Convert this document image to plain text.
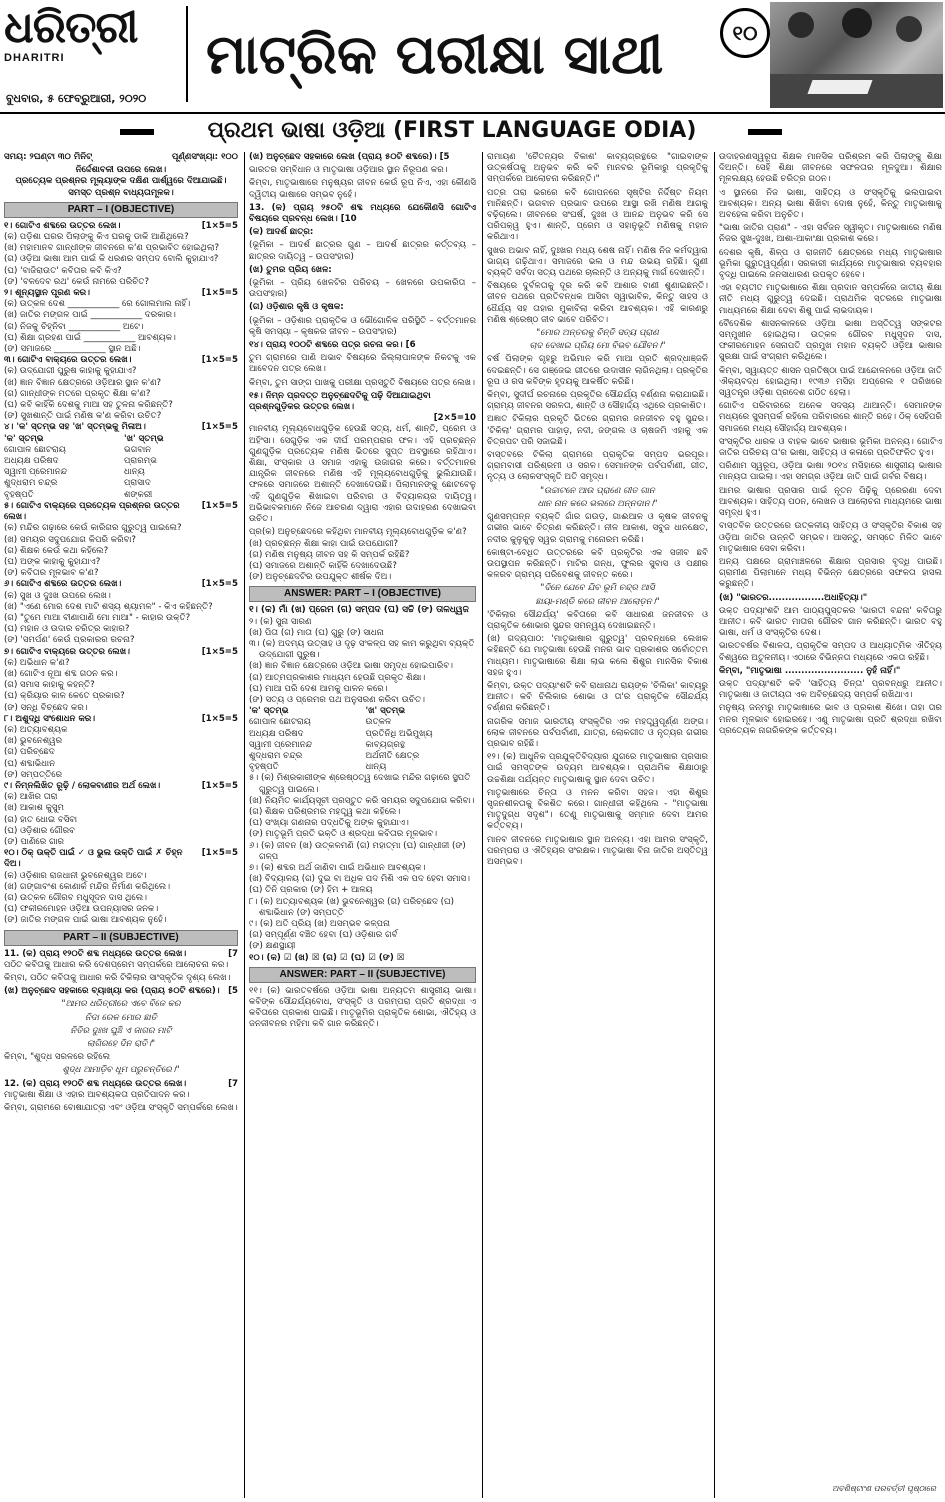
ଧରିତ୍ରୀ
DHARITRI
ବୁଧବାର, ୫ ଫେବ୍ରୁଆରୀ, ୨୦୨୦
ମାଟ୍ରିକ ପରୀକ୍ଷା ସାଥୀ	୧୦
ପ୍ରଥମ ଭାଷା ଓଡ଼ିଆ (FIRST LANGUAGE ODIA)
ସମୟ: ୨ଘଣ୍ଟା ୩୦ ମିନିଟ୍	ପୂର୍ଣ୍ଣସଂଖ୍ୟା: ୧୦୦
ନିର୍ଦ୍ଦେଶାବଳୀ ଉପରେ ଲେଖ।
ପ୍ରତ୍ୟେକ ପ୍ରଶ୍ନର ମୂଲ୍ୟାଙ୍କ ଦକ୍ଷିଣ ପାର୍ଶ୍ୱରେ ଦିଆଯାଇଛି।
ସମସ୍ତ ପ୍ରଶ୍ନ ବାଧ୍ୟତାମୂଳକ।
PART – I (OBJECTIVE)
୧। ଗୋଟିଏ ଶବ୍ଦରେ ଉତ୍ତର ଲେଖ।	[1×5=5

(କ) ପଡ଼ିଶା ଘରର ପିଲାଙ୍କୁ କିଏ ଘରକୁ ଡାକି ଆଣିଥିଲେ?

(ଖ) ମହାମାନବ ଗାନ୍ଧୀଙ୍କ ଜୀବନରେ କ'ଣ ପ୍ରଭାବିତ ହୋଇଥିଲା?

(ଗ) ଓଡ଼ିଆ ଭାଷା ଆମ ପାଇଁ କି ଧରଣର ସମ୍ପଦ ବୋଲି କୁହାଯାଏ?

(ଘ) 'ବାଜିରାଉତ' କବିତାର କବି କିଏ?

(ଙ) 'ବଳଦେବ ରଥ' କେଉଁ ନାମରେ ପରିଚିତ?

୨। ଶୂନ୍ୟସ୍ଥାନ ପୂରଣ କର।	[1×5=5

(କ) ଉତ୍କଳ ଦେଶ ____________ ରେ ଗୋଲମାଲ ନାହିଁ।

(ଖ) ଜାତିର ମଙ୍ଗଳ ପାଇଁ ____________ ଦରକାର।

(ଗ) ନିଜକୁ ଚିହ୍ନିବା ____________ ଅଟେ।

(ଘ) ଶିକ୍ଷା ଗ୍ରହଣ ପାଇଁ ____________ ଆବଶ୍ୟକ।

(ଙ) ସମାଜରେ ____________ ସ୍ଥାନ ଅଛି।

୩। ଗୋଟିଏ ବାକ୍ୟରେ ଉତ୍ତର ଲେଖ।	[1×5=5

(କ) ଉଦ୍‌ଯୋଗୀ ପୁରୁଷ କାହାକୁ କୁହାଯାଏ?

(ଖ) ଜ୍ଞାନ ବିଜ୍ଞାନ କ୍ଷେତ୍ରରେ ଓଡ଼ିଆର ସ୍ଥାନ କ'ଣ?

(ଗ) ଗାନ୍ଧୀଙ୍କ ମତରେ ପ୍ରକୃତ ଶିକ୍ଷା କ'ଣ?

(ଘ) କବି କାହିଁକି ଦେଶକୁ ମାଆ ସହ ତୁଳନା କରିଛନ୍ତି?

(ଙ) ସୁଖଶାନ୍ତି ପାଇଁ ମଣିଷ କ'ଣ କରିବା ଉଚିତ?

୪। 'କ' ସ୍ତମ୍ଭ ସହ 'ଖ' ସ୍ତମ୍ଭକୁ ମିଳାଅ।	[1×5=5
'କ' ସ୍ତମ୍ଭ	'ଖ' ସ୍ତମ୍ଭ
ଗୋପାଳ ଛୋଟରାୟ	ଭଗବାନ
ଅଧ୍ୟକ୍ଷ ପରିଷଦ	ପ୍ରାରମ୍ଭ
ସ୍ୱାମୀ ପ୍ରେମାନନ୍ଦ	ଧାନ୍ୟ
ଶୁଦ୍ଧରାମ ଚନ୍ଦ୍ର	ପ୍ରାସାଦ
ବୃହଷ୍ପତି	ଶଙ୍କରୀ
୫। ଗୋଟିଏ ବାକ୍ୟରେ ପ୍ରତ୍ୟେକ ପ୍ରଶ୍ନର ଉତ୍ତର ଲେଖ।
[1×5=5

(କ) ମନ୍ଦିର ଗଢ଼ାରେ କେଉଁ କାରିଗର ଗୁରୁତ୍ୱ ପାଇଲେ?

(ଖ) ସମୟର ସଦୁପଯୋଗ କିପରି କରିବା?

(ଗ) ଶିକ୍ଷକ କେଉଁ କଥା କହିଲେ?

(ଘ) ଅଙ୍କ କାହାକୁ କୁହାଯାଏ?

(ଙ) କବିତାର ମୂଳଭାବ କ'ଣ?

୬। ଗୋଟିଏ ଶବ୍ଦରେ ଉତ୍ତର ଲେଖ।	[1×5=5

(କ) ସୁଖ ଓ ଦୁଃଖ ଉପରେ ଲେଖ।

(ଖ) "ଏଣେ ମୋର ଦେଶ ମାଟି ଶସ୍ୟ ଶ୍ୟାମଳ" - କିଏ କହିଛନ୍ତି?

(ଗ) "ତୁମେ ମାଆ ବୀଣାପାଣି ମୋ ମାଆ" - କାହାର ଉକ୍ତି?

(ଘ) ମହାନ ଓ ଉଦାର ଚରିତ୍ର କାହାର?

(ଙ) 'ସମର୍ପଣ' କେଉଁ ପ୍ରକାରର ରଚନା?

୭। ଗୋଟିଏ ବାକ୍ୟରେ ଉତ୍ତର ଲେଖ।	[1×5=5

(କ) ଅଭିଧାନ କ'ଣ?

(ଖ) ଗୋଟିଏ ନୂଆ ଶବ୍ଦ ଗଠନ କର।

(ଗ) ସମାସ କାହାକୁ କହନ୍ତି?

(ଘ) କ୍ରିୟାର କାଳ କେତେ ପ୍ରକାର?

(ଙ) ସନ୍ଧି ବିଚ୍ଛେଦ କର।

୮। ଅଶୁଦ୍ଧି ସଂଶୋଧନ କର।	[1×5=5

(କ) ଅତ୍ୟାବଶ୍ୟକ

(ଖ) ଭୁବନେଶ୍ୱର

(ଗ) ପରିଚ୍ଛେଦ

(ଘ) ଶବ୍ଦାଭିଧାନ

(ଙ) ସମ୍ପତ୍ତିରେ

୯। ନିମ୍ନଲିଖିତ ରୂଢ଼ି / ଲୋକବାଣୀର ଅର୍ଥ ଲେଖ।	[1×5=5

(କ) ଆଖିର ତାରା

(ଖ) ଆକାଶ କୁସୁମ

(ଗ) ହାତ ଧୋଇ ବସିବା

(ଘ) ଓଡ଼ିଶାର ଗୌରବ

(ଙ) ପାଣିରେ ଗାର

୧୦। ଠିକ୍ ଉକ୍ତି ପାଇଁ ✓ ଓ ଭୁଲ ଉକ୍ତି ପାଇଁ ✗ ଚିହ୍ନ ଦିଅ।
[1×5=5

(କ) ଓଡ଼ିଶାର ରାଜଧାନୀ ଭୁବନେଶ୍ୱର ଅଟେ।

(ଖ) ଗଙ୍ଗାବଂଶ କୋଣାର୍କ ମନ୍ଦିର ନିର୍ମାଣ କରିଥିଲେ।

(ଗ) ଉତ୍କଳ ଗୌରବ ମଧୁସୂଦନ ଦାସ ଥିଲେ।

(ଘ) ଫକୀରମୋହନ ଓଡ଼ିଆ ଉପନ୍ୟାସର ଜନକ।

(ଙ) ଜାତିର ମଙ୍ଗଳ ପାଇଁ ଭାଷା ଆବଶ୍ୟକ ନୁହେଁ।

PART – II (SUBJECTIVE)
11. (କ) ପ୍ରାୟ ୧୨୦ଟି ଶବ୍ଦ ମଧ୍ୟରେ ଉତ୍ତର ଲେଖ।	[7

ପଠିତ କବିତାକୁ ଆଧାର କରି ଦେଶପ୍ରେମ ସମ୍ପର୍କରେ ଆଲୋଚନା କର।

କିମ୍ବା, ପଠିତ କବିତାକୁ ଆଧାର କରି ଟିକିଲାର ସାଂସ୍କୃତିକ ଦୃଶ୍ୟ ଲେଖ।

(ଖ) ଅନୁଚ୍ଛେଦ ସହକାରେ ବ୍ୟାଖ୍ୟା କର (ପ୍ରାୟ ୫୦ଟି ଶବ୍ଦରେ)। [5
"ଆମର ଧରିତ୍ରୀରେ ଏବେ ବିଜେ କର
ନିଦା ରେଳ ମୋର ଛାତି
ନିତିର ଦୁଃଖ ଘୁଞ୍ଚି ଏ ଜାଗର ମାଟି
ଲାଗିରହେ ଦିନ ରାତି।"

କିମ୍ବା, "ଶୁଦ୍ଧ ସରଳରେ ରହିଲେ

ଶୁଦ୍ଧ ଆମାଡ଼ିବ ଧୂମ ପରୁଚନ୍ତିରେ।"
12. (କ) ପ୍ରାୟ ୧୨୦ଟି ଶବ୍ଦ ମଧ୍ୟରେ ଉତ୍ତର ଲେଖ।	[7

ମାତୃଭାଷା ଶିକ୍ଷା ଓ ଏହାର ଆବଶ୍ୟକତା ପ୍ରତିପାଦନ କର।

କିମ୍ବା, ଗ୍ରାମରେ ବୋଷାଯାତ୍ରା ଏବଂ ଓଡ଼ିଆ ସଂସ୍କୃତି ସମ୍ପର୍କରେ ଲେଖ।

(ଖ) ଅନୁଚ୍ଛେଦ ସହକାରେ ଲେଖ (ପ୍ରାୟ ୫୦ଟି ଶବ୍ଦରେ)। [5

ଭାରତର ସମ୍ବିଧାନ ଓ ମାତୃଭାଷା ଓଡ଼ିଆର ସ୍ଥାନ ନିରୂପଣ କର।

କିମ୍ବା, ମାତୃଭାଷାରେ ମନୁଷ୍ୟର ଜୀବନ କେଉଁ ରୂପ ନିଏ, ଏହା କୌଣସି ଦ୍ୱିତୀୟ ଭାଷାରେ ସମ୍ଭବ ନୁହେଁ।

13. (କ) ପ୍ରାୟ ୨୫୦ଟି ଶବ୍ଦ ମଧ୍ୟରେ ଯେକୌଣସି ଗୋଟିଏ ବିଷୟରେ ପ୍ରବନ୍ଧ ଲେଖ। [10

(କ) ଆଦର୍ଶ ଛାତ୍ର:

(ଭୂମିକା – ଆଦର୍ଶ ଛାତ୍ରର ଗୁଣ – ଆଦର୍ଶ ଛାତ୍ରର କର୍ତ୍ତବ୍ୟ – ଛାତ୍ରର ଦାୟିତ୍ୱ – ଉପସଂହାର)

(ଖ) ତୁମର ପ୍ରିୟ ଖେଳ:

(ଭୂମିକା – ପ୍ରିୟ ଖେଳଟିର ପରିଚୟ – ଖେଳରେ ଉପକାରିତା – ଉପସଂହାର)

(ଗ) ଓଡ଼ିଶାର କୃଷି ଓ କୃଷକ:

(ଭୂମିକା – ଓଡ଼ିଶାର ପ୍ରାକୃତିକ ଓ ଭୌଗୋଳିକ ପରିସ୍ଥିତି – ବର୍ତ୍ତମାନର କୃଷି ସମସ୍ୟା – କୃଷକର ଜୀବନ – ଉପସଂହାର)

୧୪। ପ୍ରାୟ ୧୦୦ଟି ଶବ୍ଦରେ ପତ୍ର ରଚନା କର। [6

ତୁମ ଗ୍ରାମରେ ପାଣି ଅଭାବ ବିଷୟରେ ଜିଲ୍ଲାପାଳଙ୍କ ନିକଟକୁ ଏକ ଆବେଦନ ପତ୍ର ଲେଖ।

କିମ୍ବା, ତୁମ ସାଙ୍ଗ ପାଖକୁ ପରୀକ୍ଷା ପ୍ରସ୍ତୁତି ବିଷୟରେ ପତ୍ର ଲେଖ।

୧୫। ନିମ୍ନ ପ୍ରଦତ୍ତ ଅନୁଚ୍ଛେଦଟିକୁ ପଢ଼ି ଦିଆଯାଇଥିବା ପ୍ରଶ୍ନଗୁଡ଼ିକର ଉତ୍ତର ଲେଖ।
[2×5=10

ମାନବୀୟ ମୂଲ୍ୟବୋଧଗୁଡ଼ିକ ହେଉଛି ସତ୍ୟ, ଧର୍ମ, ଶାନ୍ତି, ପ୍ରେମ ଓ ଅହିଂସା। ସେଗୁଡ଼ିକ ଏକ ଦୀର୍ଘ ପରମ୍ପରାର ଫଳ। ଏହି ପ୍ରଚ୍ଛନ୍ନ ଗୁଣଗୁଡ଼ିକ ପ୍ରତ୍ୟେକ ମଣିଷ ଭିତରେ ସୁପ୍ତ ଅବସ୍ଥାରେ ରହିଥାଏ। ଶିକ୍ଷା, ସଂସ୍କାର ଓ ସମାଜ ଏହାକୁ ଉଜାଗର କରେ। ବର୍ତ୍ତମାନର ଯାନ୍ତ୍ରିକ ଜୀବନରେ ମଣିଷ ଏହି ମୂଲ୍ୟବୋଧଗୁଡ଼ିକୁ ଭୁଲିଯାଉଛି। ଫଳରେ ସମାଜରେ ଅଶାନ୍ତି ଦେଖାଦେଉଛି। ପିଲାମାନଙ୍କୁ ଛୋଟବେଳୁ ଏହି ଗୁଣଗୁଡ଼ିକ ଶିଖାଇବା ପରିବାର ଓ ବିଦ୍ୟାଳୟର ଦାୟିତ୍ୱ। ଅଭିଭାବକମାନେ ନିଜେ ଆଚରଣ ଦ୍ୱାରା ଏହାର ଉଦାହରଣ ଦେଖାଇବା ଉଚିତ।

ପ୍ର(କ) ଅନୁଚ୍ଛେଦରେ କହିଥିବା ମାନବୀୟ ମୂଲ୍ୟବୋଧଗୁଡ଼ିକ କ'ଣ?

(ଖ) ପ୍ରଚ୍ଛନ୍ନ ଶିକ୍ଷା କାହା ପାଇଁ ଉପଯୋଗୀ?

(ଗ) ମଣିଷ ମନୁଷ୍ୟ ଜୀବନ ସହ କି ସମ୍ପର୍କ ରହିଛି?

(ଘ) ସମାଜରେ ଅଶାନ୍ତି କାହିଁକି ଦେଖାଦେଉଛି?

(ଙ) ଅନୁଚ୍ଛେଦଟିର ଉପଯୁକ୍ତ ଶୀର୍ଷକ ଦିଅ।

ANSWER: PART – I (OBJECTIVE)

୧। (କ) ମାଁ (ଖ) ପ୍ରେମ (ଗ) ସମ୍ପଦ (ଘ) ସଚ୍ଚି (ଙ) ତାଳଧ୍ୱଜ

୨। (କ) ସୁନା ସାରଣ

(ଖ) ପିତା (ଗ) ମାତା (ଘ) ଗୁରୁ (ଙ) ସାଧନା

୩। (କ) ଅଦମ୍ୟ ଉତ୍ସାହ ଓ ଦୃଢ଼ ସଂକଳ୍ପ ସହ କାମ କରୁଥିବା ବ୍ୟକ୍ତି ଉଦ୍‌ଯୋଗୀ ପୁରୁଷ।

(ଖ) ଜ୍ଞାନ ବିଜ୍ଞାନ କ୍ଷେତ୍ରରେ ଓଡ଼ିଆ ଭାଷା ସମୃଦ୍ଧ ହୋଇପାରିବ।

(ଗ) ଆତ୍ମପ୍ରକାଶର ମାଧ୍ୟମ ହେଉଛି ପ୍ରକୃତ ଶିକ୍ଷା।

(ଘ) ମାଆ ପରି ଦେଶ ଆମକୁ ପାଳନ କରେ।

(ଙ) ସତ୍ୟ ଓ ପ୍ରେମର ପଥ ଅନୁସରଣ କରିବା ଉଚିତ।

'କ' ସ୍ତମ୍ଭ	'ଖ' ସ୍ତମ୍ଭ
ଗୋପାଳ ଛୋଟରାୟ	ଉତ୍କଳ
ଅଧ୍ୟକ୍ଷ ପରିଷଦ	ପ୍ରତିନିଧି ଅଭିମୁଖ୍ୟ
ସ୍ୱାମୀ ପ୍ରେମାନନ୍ଦ	କାବ୍ୟଗ୍ରନ୍ଥ
ଶୁଦ୍ଧରାମ ଚନ୍ଦ୍ର	ଅର୍ଥନୀତି କ୍ଷେତ୍ର
ବୃହଷ୍ପତି	ଧାନ୍ୟ

୫। (କ) ମିଶ୍ରକାରୀଙ୍କ ଶ୍ରେଷ୍ଠତ୍ୱ ଦେଖାଇ ମନ୍ଦିର ଗଢ଼ାରେ ସ୍ଥପତି ଗୁରୁତ୍ୱ ପାଇଲେ।

(ଖ) ନିୟମିତ କାର୍ଯ୍ୟସୂଚୀ ପ୍ରସ୍ତୁତ କରି ସମୟର ସଦୁପଯୋଗ କରିବା।

(ଗ) ଶିକ୍ଷକ ପରିଶ୍ରମର ମହତ୍ତ୍ୱ କଥା କହିଲେ।

(ଘ) ସଂଖ୍ୟା ଗଣନାର ପଦ୍ଧତିକୁ ଅଙ୍କ କୁହାଯାଏ।

(ଙ) ମାତୃଭୂମି ପ୍ରତି ଭକ୍ତି ଓ ଶ୍ରଦ୍ଧା କବିତାର ମୂଳଭାବ।

୬। (କ) ଜୀବନ (ଖ) ଉତ୍କଳମଣି (ଗ) ମହାତ୍ମା (ଘ) ଗାନ୍ଧୀଜୀ (ଙ) ଗଳ୍ପ

୭। (କ) ଶବ୍ଦର ଅର୍ଥ ଜାଣିବା ପାଇଁ ଅଭିଧାନ ଆବଶ୍ୟକ।

(ଖ) ବିଦ୍ୟାଳୟ (ଗ) ଦୁଇ ବା ଅଧିକ ପଦ ମିଶି ଏକ ପଦ ହେବା ସମାସ।

(ଘ) ତିନି ପ୍ରକାର (ଙ) ହିମ + ଆଳୟ

୮। (କ) ଅତ୍ୟାବଶ୍ୟକ (ଖ) ଭୁବନେଶ୍ୱର (ଗ) ପରିଚ୍ଛେଦ (ଘ) ଶବ୍ଦାଭିଧାନ (ଙ) ସମ୍ପତ୍ତି

୯। (କ) ଅତି ପ୍ରିୟ (ଖ) ଅସମ୍ଭବ କଳ୍ପନା

(ଗ) ସମ୍ପୂର୍ଣ୍ଣ ବଞ୍ଚିତ ହେବା (ଘ) ଓଡ଼ିଶାର ଗର୍ବ

(ଙ) କ୍ଷଣସ୍ଥାୟୀ

୧୦। (କ) ☑ (ଖ) ☒ (ଗ) ☑ (ଘ) ☑ (ଙ) ☒

ANSWER: PART – II (SUBJECTIVE)

୧୧। (କ) ଭାରତବର୍ଷରେ ଓଡ଼ିଆ ଭାଷା ଅନ୍ୟତମ ଶାସ୍ତ୍ରୀୟ ଭାଷା। କବିଙ୍କ ସୌନ୍ଦର୍ଯ୍ୟବୋଧ, ସଂସ୍କୃତି ଓ ପରମ୍ପରା ପ୍ରତି ଶ୍ରଦ୍ଧା ଏ କବିତାରେ ପ୍ରକାଶ ପାଇଛି। ମାତୃଭୂମିର ପ୍ରାକୃତିକ ଶୋଭା, ଐତିହ୍ୟ ଓ ଜନଜୀବନର ମହିମା କବି ଗାନ କରିଛନ୍ତି।

ରାମାୟଣ 'ଚୈତନ୍ୟର ବିକାଶ' କାବ୍ୟଗ୍ରନ୍ଥରେ "ଗାଇବାଙ୍କ ଉତ୍କର୍ଷତାକୁ ଅନୁଭବ କରି କବି ମାନବର ଭୂମିକାରୁ ପ୍ରକୃତିକୁ ସମ୍ପର୍କରେ ଆଲୋଚନା କରିଛନ୍ତି।"

ପତ୍ର ତାରା ଭରରେ କବି ଗୋପନରେ ସୃଷ୍ଟିର ନିର୍ଦ୍ଦିଷ୍ଟ ନିୟମ ମାନିଛନ୍ତି। ଭଗବାନ ପ୍ରଭାବ ଉପରେ ଆସ୍ଥା ରଖି ମଣିଷ ଆଗକୁ ବଢ଼ିଚାଲେ। ଜୀବନରେ ସଂଘର୍ଷ, ଦୁଃଖ ଓ ଆନନ୍ଦ ଅନୁଭବ କରି ସେ ପରିପକ୍ୱ ହୁଏ। ଶାନ୍ତି, ପ୍ରେମ ଓ ସହାନୁଭୂତି ମଣିଷକୁ ମହାନ କରିଥାଏ।

ସୁଖର ଅଭାବ ନାହିଁ, ଦୁଃଖର ମଧ୍ୟ ଶେଷ ନାହିଁ। ମଣିଷ ନିଜ କର୍ମଦ୍ୱାରା ଭାଗ୍ୟ ଗଢ଼ିଥାଏ। ସମାଜରେ ଭଲ ଓ ମନ୍ଦ ଉଭୟ ରହିଛି। ଗୁଣୀ ବ୍ୟକ୍ତି ସର୍ବଦା ସତ୍ୟ ପଥରେ ଚାଲନ୍ତି ଓ ଅନ୍ୟକୁ ମାର୍ଗ ଦେଖାନ୍ତି।

ବିଷୟରେ ଦୁର୍ବଳତାକୁ ଦୂର କରି କବି ଆଶାର ବାଣୀ ଶୁଣାଇଛନ୍ତି। ଜୀବନ ପଥରେ ପ୍ରତିବନ୍ଧକ ଆସିବା ସ୍ୱାଭାବିକ, କିନ୍ତୁ ସାହସ ଓ ଧୈର୍ଯ୍ୟ ସହ ତାହାର ମୁକାବିଲା କରିବା ଆବଶ୍ୟକ। ଏହି କାରଣରୁ ମଣିଷ ଶ୍ରେଷ୍ଠ ଜୀବ ଭାବେ ପରିଚିତ।

"ମୋର ଅନ୍ତରକୁ ଚିନ୍ତି ସତ୍ୟ ପ୍ରାଣ
ଚାଦ ଦେଖାଇ ପ୍ରିୟ ମୋ ବିଭବ ଯୌବନ।"

ବର୍ଷ ପିଲାଙ୍କ ଗୃହରୁ ଅଭିମାନ କରି ମାଆ ପ୍ରତି ଶ୍ରଦ୍ଧାଞ୍ଜଳି ଦେଇଛନ୍ତି। ସେ ଗଞ୍ଜେଇ ଗୀତରେ ଉଦାସୀନ ଲାଗିନଥିଲା। ପ୍ରକୃତିର ରୂପ ଓ ରସ କବିଙ୍କ ହୃଦୟକୁ ଆକର୍ଷିତ କରିଛି।

କିମ୍ବା, ସୁଦୀର୍ଘ ରଚନାରେ ପ୍ରକୃତିର ସୌନ୍ଦର୍ଯ୍ୟ ବର୍ଣ୍ଣନା କରାଯାଇଛି। ଗ୍ରାମ୍ୟ ଜୀବନର ସରଳତା, ଶାନ୍ତି ଓ ସୌହାର୍ଦ୍ଦ୍ୟ ଏଥିରେ ପ୍ରକାଶିତ।

ଅଜ୍ଞାତ ଟିକିଲାର ପ୍ରକୃତି ଭିତରେ ଗ୍ରାମର ଜନଜୀବନ ବହୁ ସୁନ୍ଦର। 'ଟିକିଲା' ଗ୍ରାମର ପାହାଡ଼, ନଦୀ, ଜଙ୍ଗଲ ଓ ଚାଷଜମି ଏହାକୁ ଏକ ଚିତ୍ରପଟ ପରି ସଜାଇଛି।

ବାସ୍ତବରେ ଟିକିଲା ଗ୍ରାମରେ ପ୍ରାକୃତିକ ସମ୍ପଦ ଭରପୂର। ଗ୍ରାମବାସୀ ପରିଶ୍ରମୀ ଓ ସରଳ। ସେମାନଙ୍କ ପର୍ବପର୍ବାଣୀ, ଗୀତ, ନୃତ୍ୟ ଓ ଲୋକସଂସ୍କୃତି ଅତି ସମୃଦ୍ଧ।

"ଉଚ୍ଚାଟନେ ଆଉ ପ୍ରାଣେ ଗୀତ ଗାନ
ଧାନ ନାନ କରେ ଭଲରେ ଅନ୍ନଦାନ।"

ଗୁଣସମ୍ପନ୍ନ ବ୍ୟକ୍ତି ଗାଁର ଗଉଡ଼, ଗାଈଆଳ ଓ କୃଷକ ଜୀବନକୁ ଗଭୀର ଭାବେ ଚିତ୍ରଣ କରିଛନ୍ତି। ନୀଳ ଆକାଶ, ସବୁଜ ଧାନକ୍ଷେତ, ନଦୀର କୁଳୁକୁଳୁ ସ୍ୱର ଗ୍ରାମକୁ ମନୋରମ କରିଛି।

କୋଷ୍ଟା-ବେଧିତ ଉତ୍ତରରେ କବି ପ୍ରକୃତିର ଏକ ସଜୀବ ଛବି ଉପସ୍ଥାପନ କରିଛନ୍ତି। ମାଟିର ଗନ୍ଧ, ଫୁଲର ସୁବାସ ଓ ପକ୍ଷୀର କଳରବ ଗ୍ରାମ୍ୟ ପରିବେଶକୁ ଜୀବନ୍ତ କରେ।

"ଦିନେ ଯେବେ ଯିବ ଭୂମି ଚନ୍ଦ୍ର ଆସି
ଛାୟା-ମଣ୍ଡି କରେ ଜୀବନ ଆଲୋଡ଼ନ।"

'ଟିକିଲାର ସୌନ୍ଦର୍ଯ୍ୟ' କବିତାରେ କବି ସାଧାରଣ ଜନଜୀବନ ଓ ପ୍ରାକୃତିକ ଶୋଭାର ସୁନ୍ଦର ସମନ୍ୱୟ ଦେଖାଇଛନ୍ତି।

(ଖ) ଗଦ୍ୟପାଠ: 'ମାତୃଭାଷାର ଗୁରୁତ୍ୱ' ପ୍ରବନ୍ଧରେ ଲେଖକ କହିଛନ୍ତି ଯେ ମାତୃଭାଷା ହେଉଛି ମନର ଭାବ ପ୍ରକାଶର ସର୍ବୋତ୍ତମ ମାଧ୍ୟମ। ମାତୃଭାଷାରେ ଶିକ୍ଷା ଲାଭ କଲେ ଶିଶୁର ମାନସିକ ବିକାଶ ସହଜ ହୁଏ।

କିମ୍ବା, ଉକ୍ତ ପଦ୍ୟାଂଶଟି କବି ରାଧାନାଥ ରାୟଙ୍କ 'ଚିଲିକା' କାବ୍ୟରୁ ଆନୀତ। କବି ଚିଲିକାର ଶୋଭା ଓ ତା'ର ପ୍ରାକୃତିକ ସୌନ୍ଦର୍ଯ୍ୟ ବର୍ଣ୍ଣନା କରିଛନ୍ତି।

ନାଗରିକ ସମାଜ ଭାରତୀୟ ସଂସ୍କୃତିର ଏକ ମହତ୍ତ୍ୱପୂର୍ଣ୍ଣ ଅଙ୍ଗ। ଲୋକ ଜୀବନରେ ପର୍ବପର୍ବାଣୀ, ଯାତ୍ରା, ଲୋକଗୀତ ଓ ନୃତ୍ୟର ଗଭୀର ପ୍ରଭାବ ରହିଛି।

୧୨। (କ) ଆଧୁନିକ ପ୍ରଯୁକ୍ତିବିଦ୍ୟାର ଯୁଗରେ ମାତୃଭାଷାର ପ୍ରସାର ପାଇଁ ସମସ୍ତଙ୍କ ଉଦ୍ୟମ ଆବଶ୍ୟକ। ପ୍ରାଥମିକ ଶିକ୍ଷାଠାରୁ ଉଚ୍ଚଶିକ୍ଷା ପର୍ଯ୍ୟନ୍ତ ମାତୃଭାଷାକୁ ସ୍ଥାନ ଦେବା ଉଚିତ।

ମାତୃଭାଷାରେ ଚିନ୍ତା ଓ ମନନ କରିବା ସହଜ। ଏହା ଶିଶୁର ସୃଜନଶୀଳତାକୁ ବିକଶିତ କରେ। ଗାନ୍ଧୀଜୀ କହିଥିଲେ - "ମାତୃଭାଷା ମାତୃଦୁଗ୍ଧ ସଦୃଶ"। ତେଣୁ ମାତୃଭାଷାକୁ ସମ୍ମାନ ଦେବା ଆମର କର୍ତ୍ତବ୍ୟ।

ମାନବ ଜୀବନରେ ମାତୃଭାଷାର ସ୍ଥାନ ଅନନ୍ୟ। ଏହା ଆମର ସଂସ୍କୃତି, ପରମ୍ପରା ଓ ଐତିହ୍ୟର ସଂରକ୍ଷକ। ମାତୃଭାଷା ବିନା ଜାତିର ଅସ୍ତିତ୍ୱ ଅସମ୍ଭବ।

ଉଦାହରଣସ୍ୱରୂପ ଶିକ୍ଷକ ମାନସିକ ପରିଶ୍ରମ କରି ପିଲାଙ୍କୁ ଶିକ୍ଷା ଦିଅନ୍ତି। ସେହି ଶିକ୍ଷା ଜୀବନରେ ସଫଳତାର ମୂଳଦୁଆ। ଶିକ୍ଷାର ମୂଳଲକ୍ଷ୍ୟ ହେଉଛି ଚରିତ୍ର ଗଠନ।

ଏ ସ୍ଥାନରେ ନିଜ ଭାଷା, ସାହିତ୍ୟ ଓ ସଂସ୍କୃତିକୁ ଭଲପାଇବା ଆବଶ୍ୟକ। ଅନ୍ୟ ଭାଷା ଶିଖିବା ଦୋଷ ନୁହେଁ, କିନ୍ତୁ ମାତୃଭାଷାକୁ ଅବହେଳା କରିବା ଅନୁଚିତ।

"ଭାଷା ଜାତିର ପ୍ରାଣ" - ଏହା ସର୍ବଜନ ସ୍ୱୀକୃତ। ମାତୃଭାଷାରେ ମଣିଷ ନିଜର ସୁଖ-ଦୁଃଖ, ଆଶା-ଆକାଂକ୍ଷା ପ୍ରକାଶ କରେ।

ଦେଶର କୃଷି, ଶିଳ୍ପ ଓ ରାଜନୀତି କ୍ଷେତ୍ରରେ ମଧ୍ୟ ମାତୃଭାଷାର ଭୂମିକା ଗୁରୁତ୍ୱପୂର୍ଣ୍ଣ। ସରକାରୀ କାର୍ଯ୍ୟରେ ମାତୃଭାଷାର ବ୍ୟବହାର ବୃଦ୍ଧି ପାଇଲେ ଜନସାଧାରଣ ଉପକୃତ ହେବେ।

ଏହା ବ୍ୟତୀତ ମାତୃଭାଷାରେ ଶିକ୍ଷା ପ୍ରଦାନ ସମ୍ପର୍କରେ ଜାତୀୟ ଶିକ୍ଷା ନୀତି ମଧ୍ୟ ଗୁରୁତ୍ୱ ଦେଇଛି। ପ୍ରାଥମିକ ସ୍ତରରେ ମାତୃଭାଷା ମାଧ୍ୟମରେ ଶିକ୍ଷା ଦେବା ଶିଶୁ ପାଇଁ ଲାଭଦାୟକ।

ବୈଦେଶିକ ଶାସନକାଳରେ ଓଡ଼ିଆ ଭାଷା ଅସ୍ତିତ୍ୱ ସଙ୍କଟର ସମ୍ମୁଖୀନ ହୋଇଥିଲା। ଉତ୍କଳ ଗୌରବ ମଧୁସୂଦନ ଦାସ, ଫକୀରମୋହନ ସେନାପତି ପ୍ରମୁଖ ମହାନ ବ୍ୟକ୍ତି ଓଡ଼ିଆ ଭାଷାର ସୁରକ୍ଷା ପାଇଁ ସଂଗ୍ରାମ କରିଥିଲେ।

କିମ୍ବା, ସ୍ୱାୟତ୍ତ ଶାସନ ପ୍ରତିଷ୍ଠା ପାଇଁ ଆନ୍ଦୋଳନରେ ଓଡ଼ିଆ ଜାତି ଐକ୍ୟବଦ୍ଧ ହୋଇଥିଲା। ୧୯୩୬ ମସିହା ଅପ୍ରେଲ ୧ ତାରିଖରେ ସ୍ୱତନ୍ତ୍ର ଓଡ଼ିଶା ପ୍ରଦେଶ ଗଠିତ ହେଲା।

ଗୋଟିଏ ପରିବାରରେ ଅନେକ ସଦସ୍ୟ ଥାଆନ୍ତି। ସେମାନଙ୍କ ମଧ୍ୟରେ ସୁସମ୍ପର୍କ ରହିଲେ ପରିବାରରେ ଶାନ୍ତି ରହେ। ଠିକ୍ ସେହିପରି ସମାଜରେ ମଧ୍ୟ ସୌହାର୍ଦ୍ଦ୍ୟ ଆବଶ୍ୟକ।

ସଂସ୍କୃତିର ଧାରକ ଓ ବାହକ ଭାବେ ଭାଷାର ଭୂମିକା ଅନନ୍ୟ। ଗୋଟିଏ ଜାତିର ପରିଚୟ ତା'ର ଭାଷା, ସାହିତ୍ୟ ଓ କଳାରେ ପ୍ରତିଫଳିତ ହୁଏ।

ପରିଣାମ ସ୍ୱରୂପ, ଓଡ଼ିଆ ଭାଷା ୨୦୧୪ ମସିହାରେ ଶାସ୍ତ୍ରୀୟ ଭାଷାର ମାନ୍ୟତା ପାଇଲା। ଏହା ସମଗ୍ର ଓଡ଼ିଆ ଜାତି ପାଇଁ ଗର୍ବର ବିଷୟ।

ଆମର ଭାଷାର ପ୍ରସାର ପାଇଁ ନୂତନ ପିଢ଼ିକୁ ପ୍ରେରଣା ଦେବା ଆବଶ୍ୟକ। ସାହିତ୍ୟ ପଠନ, ଲେଖନ ଓ ଆଲୋଚନା ମାଧ୍ୟମରେ ଭାଷା ସମୃଦ୍ଧ ହୁଏ।

ବାସ୍ତବିକ ଉତ୍ତରରେ ଉତ୍କଳୀୟ ସାହିତ୍ୟ ଓ ସଂସ୍କୃତିର ବିକାଶ ସହ ଓଡ଼ିଆ ଜାତିର ଉନ୍ନତି ସମ୍ଭବ। ଆସନ୍ତୁ, ସମସ୍ତେ ମିଳିତ ଭାବେ ମାତୃଭାଷାର ସେବା କରିବା।

ଅନ୍ୟ ପକ୍ଷରେ ଗ୍ରାମାଞ୍ଚଳରେ ଶିକ୍ଷାର ପ୍ରସାର ବୃଦ୍ଧି ପାଉଛି। ଗ୍ରାମୀଣ ପିଲାମାନେ ମଧ୍ୟ ବିଭିନ୍ନ କ୍ଷେତ୍ରରେ ସଫଳତା ହାସଲ କରୁଛନ୍ତି।

(ଖ) "ଭାରତର.................ଅଧାହିତ୍ୟା।"

ଉକ୍ତ ପଦ୍ୟାଂଶଟି ଆମ ପାଠ୍ୟପୁସ୍ତକର 'ଭାରତୀ ବନ୍ଦନା' କବିତାରୁ ଆନୀତ। କବି ଭାରତ ମାତାର ଗୌରବ ଗାନ କରିଛନ୍ତି। ଭାରତ ବହୁ ଭାଷା, ଧର୍ମ ଓ ସଂସ୍କୃତିର ଦେଶ।

ଭାରତବର୍ଷର ବିଶାଳତା, ପ୍ରାକୃତିକ ସମ୍ପଦ ଓ ଆଧ୍ୟାତ୍ମିକ ଐତିହ୍ୟ ବିଶ୍ୱରେ ଅତୁଳନୀୟ। ଏଠାରେ ବିଭିନ୍ନତା ମଧ୍ୟରେ ଏକତା ରହିଛି।

କିମ୍ବା, "ମାତୃଭାଷା ........................ ନୁହଁ ନାହିଁ।"

ଉକ୍ତ ପଦ୍ୟାଂଶଟି କବି 'ସାହିତ୍ୟ ଚିନ୍ତା' ପ୍ରବନ୍ଧରୁ ଆନୀତ। ମାତୃଭାଷା ଓ ଜାତୀୟତା ଏକ ଅବିଚ୍ଛେଦ୍ୟ ସମ୍ପର୍କ ରଖିଥାଏ।

ମନୁଷ୍ୟ ଜନ୍ମରୁ ମାତୃଭାଷାରେ ଭାବ ଓ ପ୍ରକାଶ ଶିଖେ। ତାହା ତାର ମନର ମୂଳଭାବ ହୋଇରହେ। ଏଣୁ ମାତୃଭାଷା ପ୍ରତି ଶ୍ରଦ୍ଧା ରଖିବା ପ୍ରତ୍ୟେକ ନାଗରିକଙ୍କ କର୍ତ୍ତବ୍ୟ।

ଅବଶିଷ୍ଟାଂଶ ପରବର୍ତ୍ତୀ ପୃଷ୍ଠାରେ
